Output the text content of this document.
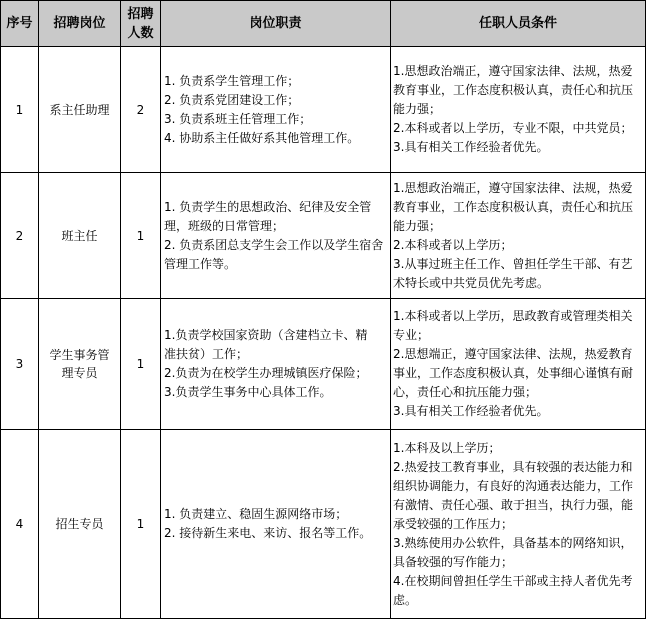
序号	招聘岗位	招聘人数	岗位职责	任职人员条件
1	系主任助理	2	1. 负责系学生管理工作；
2. 负责系党团建设工作；
3. 负责系班主任管理工作；
4. 协助系主任做好系其他管理工作。	1.思想政治端正，遵守国家法律、法规，热爱教育事业，工作态度积极认真，责任心和抗压能力强；
2.本科或者以上学历，专业不限，中共党员；
3.具有相关工作经验者优先。

2	班主任	1	1. 负责学生的思想政治、纪律及安全管理，班级的日常管理；
2. 负责系团总支学生会工作以及学生宿舍管理工作等。	1.思想政治端正，遵守国家法律、法规，热爱教育事业，工作态度积极认真，责任心和抗压能力强；
2.本科或者以上学历；
3.从事过班主任工作、曾担任学生干部、有艺术特长或中共党员优先考虑。

3	学生事务管理专员	1	1.负责学校国家资助（含建档立卡、精准扶贫）工作；
2.负责为在校学生办理城镇医疗保险；
3.负责学生事务中心具体工作。	1.本科或者以上学历，思政教育或管理类相关专业；
2.思想端正，遵守国家法律、法规，热爱教育事业，工作态度积极认真，处事细心谨慎有耐心，责任心和抗压能力强；
3.具有相关工作经验者优先。

4	招生专员	1	1. 负责建立、稳固生源网络市场；
2. 接待新生来电、来访、报名等工作。	1.本科及以上学历；
2.热爱技工教育事业，具有较强的表达能力和组织协调能力，有良好的沟通表达能力，工作有激情、责任心强、敢于担当，执行力强，能承受较强的工作压力；
3.熟练使用办公软件，具备基本的网络知识，具备较强的写作能力；
4.在校期间曾担任学生干部或主持人者优先考虑。
